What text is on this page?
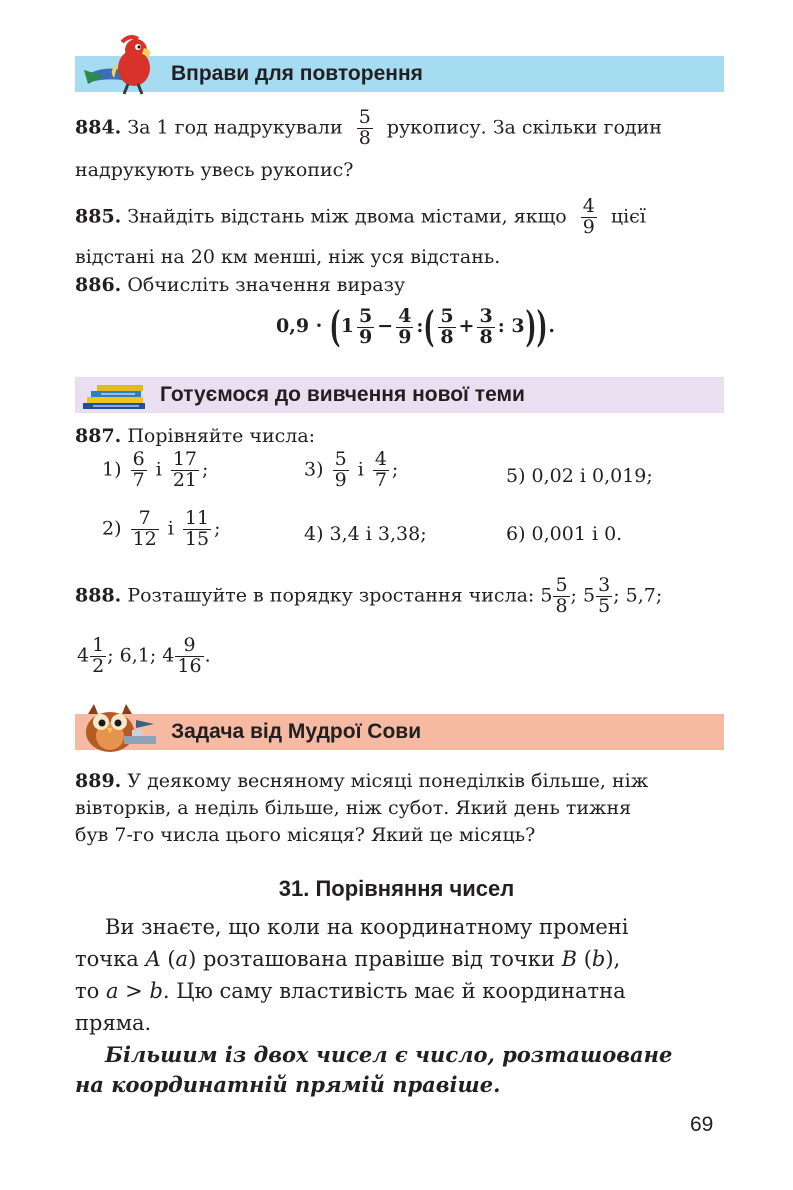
Вправи для повторення
884. За 1 год надрукували $\frac{5}{8}$ рукопису. За скільки годин
надрукують увесь рукопис?
885. Знайдіть відстань між двома містами, якщо $\frac{4}{9}$ цієї
відстані на 20 км менші, ніж уся відстань.
886. Обчисліть значення виразу
$0,9 \cdot (1 \frac{5}{9} - \frac{4}{9}$ :( $\frac{5}{8} + \frac{3}{8}$ : 3)).
Готуємося до вивчення нової теми
887. Порівняйте числа:
$1) \frac{6}{7}$ і $\frac{17}{21}$ ;	$3) \frac{5}{9}$ і $\frac{4}{7}$ ;	5) 0,02 і 0,019;
$2) \frac{7}{12}$ і $\frac{11}{15}$ ;	4) 3,4 і 3,38;	6) 0,001 і 0.
888. Розташуйте в порядку зростання числа: $5 \frac{5}{8}$ ; $5 \frac{3}{5}$ ; 5,7;
$4 \frac{1}{2}$ ; 6,1; $4 \frac{9}{16}$ .
Задача від Мудрої Сови
889. У деякому весняному місяці понеділків більше, ніж
вівторків, а неділь більше, ніж субот. Який день тижня
був 7-го числа цього місяця? Який це місяць?
31. Порівняння чисел
Ви знаєте, що коли на координатному промені
точка A (a) розташована правіше від точки B (b),
то a > b. Цю саму властивість має й координатна
пряма.
Більшим із двох чисел є число, розташоване
на координатній прямій правіше.
69
